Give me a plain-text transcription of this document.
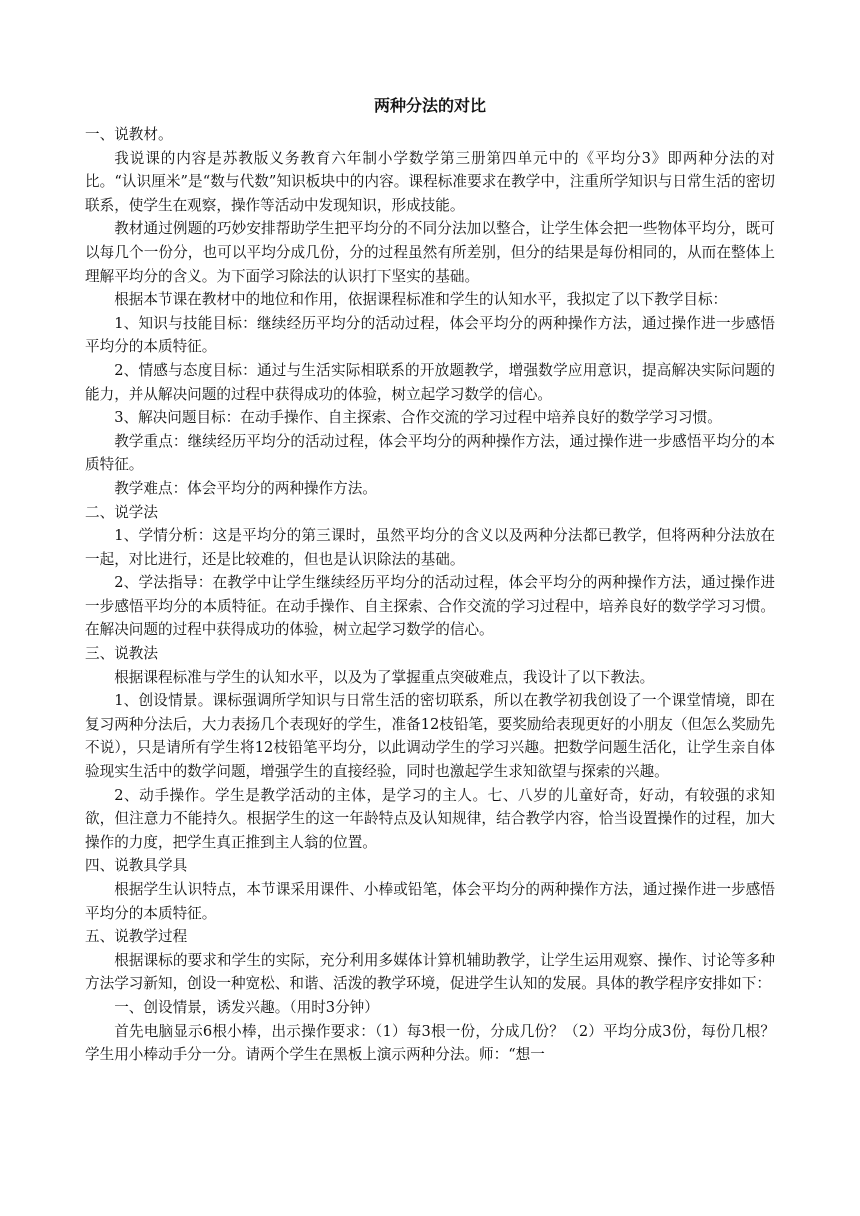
两种分法的对比

一、说教材。

我说课的内容是苏教版义务教育六年制小学数学第三册第四单元中的《平均分3》即两种分法的对比。“认识厘米”是“数与代数”知识板块中的内容。课程标准要求在教学中，注重所学知识与日常生活的密切联系，使学生在观察，操作等活动中发现知识，形成技能。

教材通过例题的巧妙安排帮助学生把平均分的不同分法加以整合，让学生体会把一些物体平均分，既可以每几个一份分，也可以平均分成几份，分的过程虽然有所差别，但分的结果是每份相同的，从而在整体上理解平均分的含义。为下面学习除法的认识打下坚实的基础。

根据本节课在教材中的地位和作用，依据课程标准和学生的认知水平，我拟定了以下教学目标：

1、知识与技能目标：继续经历平均分的活动过程，体会平均分的两种操作方法，通过操作进一步感悟平均分的本质特征。

2、情感与态度目标：通过与生活实际相联系的开放题教学，增强数学应用意识，提高解决实际问题的能力，并从解决问题的过程中获得成功的体验，树立起学习数学的信心。

3、解决问题目标：在动手操作、自主探索、合作交流的学习过程中培养良好的数学学习习惯。

教学重点：继续经历平均分的活动过程，体会平均分的两种操作方法，通过操作进一步感悟平均分的本质特征。

教学难点：体会平均分的两种操作方法。

二、说学法

1、学情分析：这是平均分的第三课时，虽然平均分的含义以及两种分法都已教学，但将两种分法放在一起，对比进行，还是比较难的，但也是认识除法的基础。

2、学法指导：在教学中让学生继续经历平均分的活动过程，体会平均分的两种操作方法，通过操作进一步感悟平均分的本质特征。在动手操作、自主探索、合作交流的学习过程中，培养良好的数学学习习惯。在解决问题的过程中获得成功的体验，树立起学习数学的信心。

三、说教法

根据课程标准与学生的认知水平，以及为了掌握重点突破难点，我设计了以下教法。

1、创设情景。课标强调所学知识与日常生活的密切联系，所以在教学初我创设了一个课堂情境，即在复习两种分法后，大力表扬几个表现好的学生，准备12枝铅笔，要奖励给表现更好的小朋友（但怎么奖励先不说），只是请所有学生将12枝铅笔平均分，以此调动学生的学习兴趣。把数学问题生活化，让学生亲自体验现实生活中的数学问题，增强学生的直接经验，同时也激起学生求知欲望与探索的兴趣。

2、动手操作。学生是教学活动的主体，是学习的主人。七、八岁的儿童好奇，好动，有较强的求知欲，但注意力不能持久。根据学生的这一年龄特点及认知规律，结合教学内容，恰当设置操作的过程，加大操作的力度，把学生真正推到主人翁的位置。

四、说教具学具

根据学生认识特点，本节课采用课件、小棒或铅笔，体会平均分的两种操作方法，通过操作进一步感悟平均分的本质特征。

五、说教学过程

根据课标的要求和学生的实际，充分利用多媒体计算机辅助教学，让学生运用观察、操作、讨论等多种方法学习新知，创设一种宽松、和谐、活泼的教学环境，促进学生认知的发展。具体的教学程序安排如下：

一、创设情景，诱发兴趣。（用时3分钟）

首先电脑显示6根小棒，出示操作要求：（1）每3根一份，分成几份？（2）平均分成3份，每份几根？学生用小棒动手分一分。请两个学生在黑板上演示两种分法。师：“想一
